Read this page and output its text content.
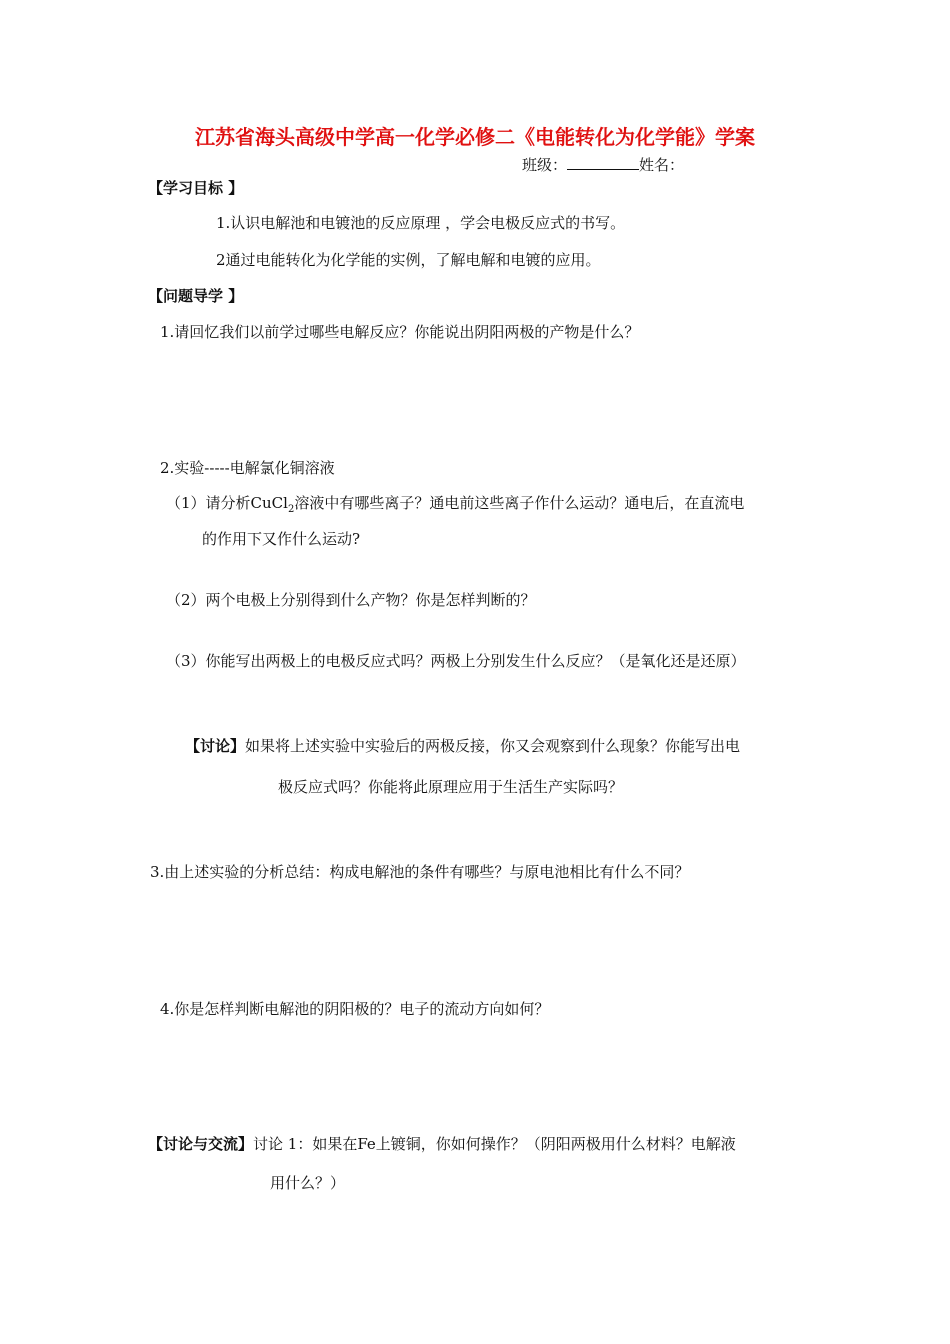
江苏省海头高级中学高一化学必修二《电能转化为化学能》学案
班级：	姓名：
【学习目标 】
1.认识电解池和电镀池的反应原理 ，学会电极反应式的书写。
2通过电能转化为化学能的实例，了解电解和电镀的应用。
【问题导学 】
1.请回忆我们以前学过哪些电解反应？你能说出阴阳两极的产物是什么？
2.实验-----电解氯化铜溶液
（1）请分析CuCl$_2$溶液中有哪些离子？通电前这些离子作什么运动？通电后，在直流电
的作用下又作什么运动?
（2）两个电极上分别得到什么产物？你是怎样判断的？
（3）你能写出两极上的电极反应式吗？两极上分别发生什么反应？（是氧化还是还原）
【讨论】如果将上述实验中实验后的两极反接，你又会观察到什么现象？你能写出电
极反应式吗？你能将此原理应用于生活生产实际吗？
3.由上述实验的分析总结：构成电解池的条件有哪些？与原电池相比有什么不同？
4.你是怎样判断电解池的阴阳极的？电子的流动方向如何？
【讨论与交流】讨论 1：如果在Fe上镀铜，你如何操作？（阴阳两极用什么材料？电解液
用什么？）
